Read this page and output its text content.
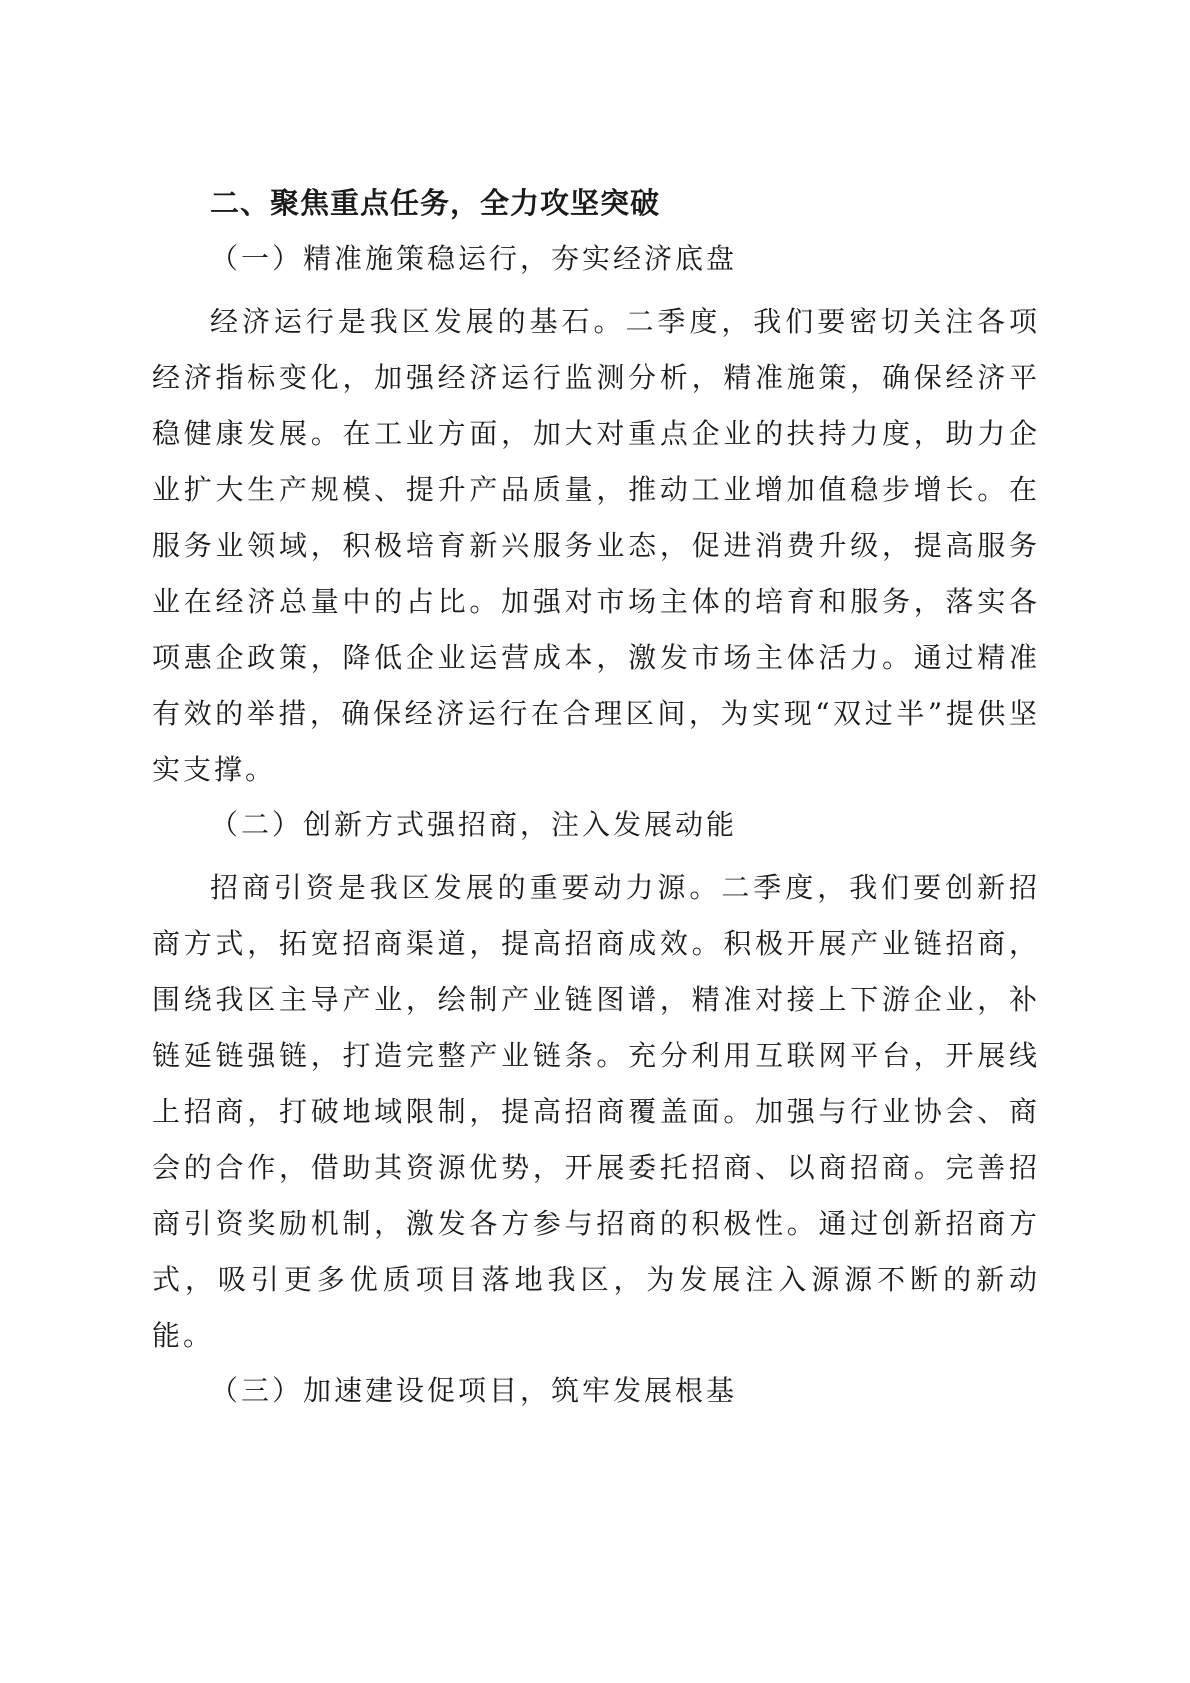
二、聚焦重点任务，全力攻坚突破
（一）精准施策稳运行，夯实经济底盘

经济运行是我区发展的基石。二季度，我们要密切关注各项经济指标变化，加强经济运行监测分析，精准施策，确保经济平稳健康发展。在工业方面，加大对重点企业的扶持力度，助力企业扩大生产规模、提升产品质量，推动工业增加值稳步增长。在服务业领域，积极培育新兴服务业态，促进消费升级，提高服务业在经济总量中的占比。加强对市场主体的培育和服务，落实各项惠企政策，降低企业运营成本，激发市场主体活力。通过精准有效的举措，确保经济运行在合理区间，为实现“双过半”提供坚实支撑。

（二）创新方式强招商，注入发展动能

招商引资是我区发展的重要动力源。二季度，我们要创新招商方式，拓宽招商渠道，提高招商成效。积极开展产业链招商，围绕我区主导产业，绘制产业链图谱，精准对接上下游企业，补链延链强链，打造完整产业链条。充分利用互联网平台，开展线上招商，打破地域限制，提高招商覆盖面。加强与行业协会、商会的合作，借助其资源优势，开展委托招商、以商招商。完善招商引资奖励机制，激发各方参与招商的积极性。通过创新招商方式，吸引更多优质项目落地我区，为发展注入源源不断的新动能。

（三）加速建设促项目，筑牢发展根基
